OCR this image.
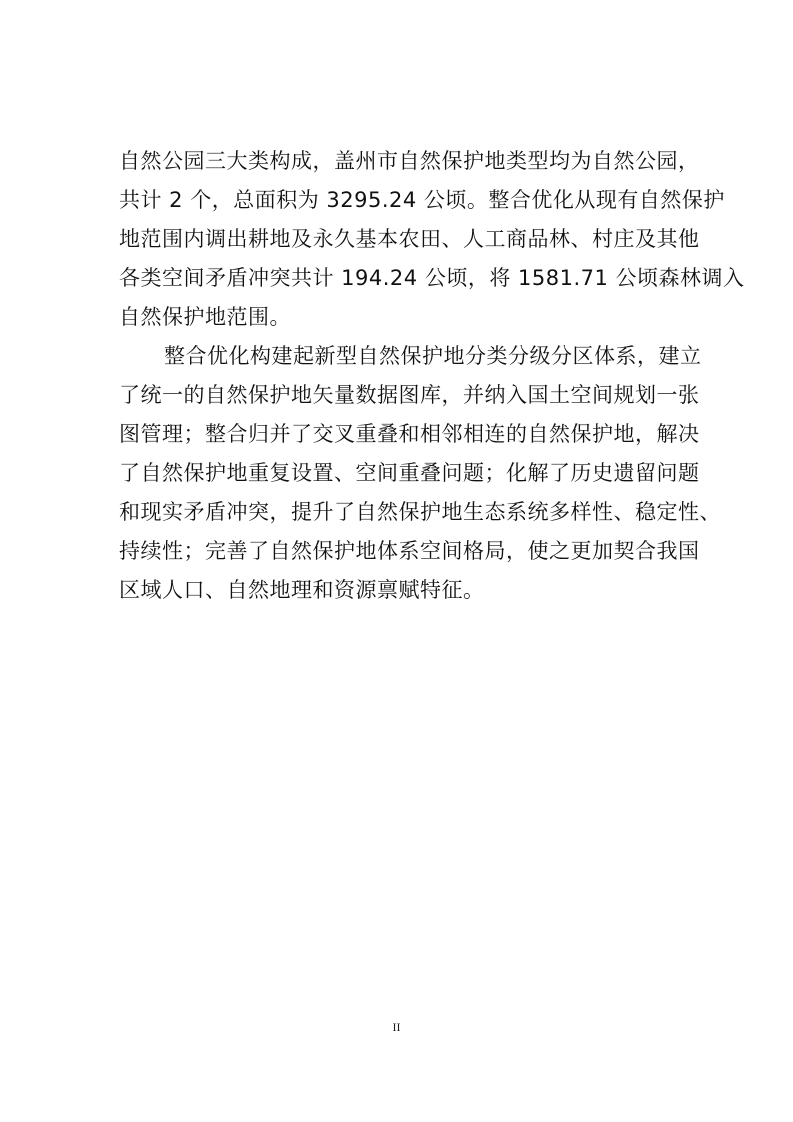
自然公园三大类构成，盖州市自然保护地类型均为自然公园，
共计 2 个，总面积为 3295.24 公顷。整合优化从现有自然保护
地范围内调出耕地及永久基本农田、人工商品林、村庄及其他
各类空间矛盾冲突共计 194.24 公顷，将 1581.71 公顷森林调入
自然保护地范围。
整合优化构建起新型自然保护地分类分级分区体系，建立
了统一的自然保护地矢量数据图库，并纳入国土空间规划一张
图管理；整合归并了交叉重叠和相邻相连的自然保护地，解决
了自然保护地重复设置、空间重叠问题；化解了历史遗留问题
和现实矛盾冲突，提升了自然保护地生态系统多样性、稳定性、
持续性；完善了自然保护地体系空间格局，使之更加契合我国
区域人口、自然地理和资源禀赋特征。
II
